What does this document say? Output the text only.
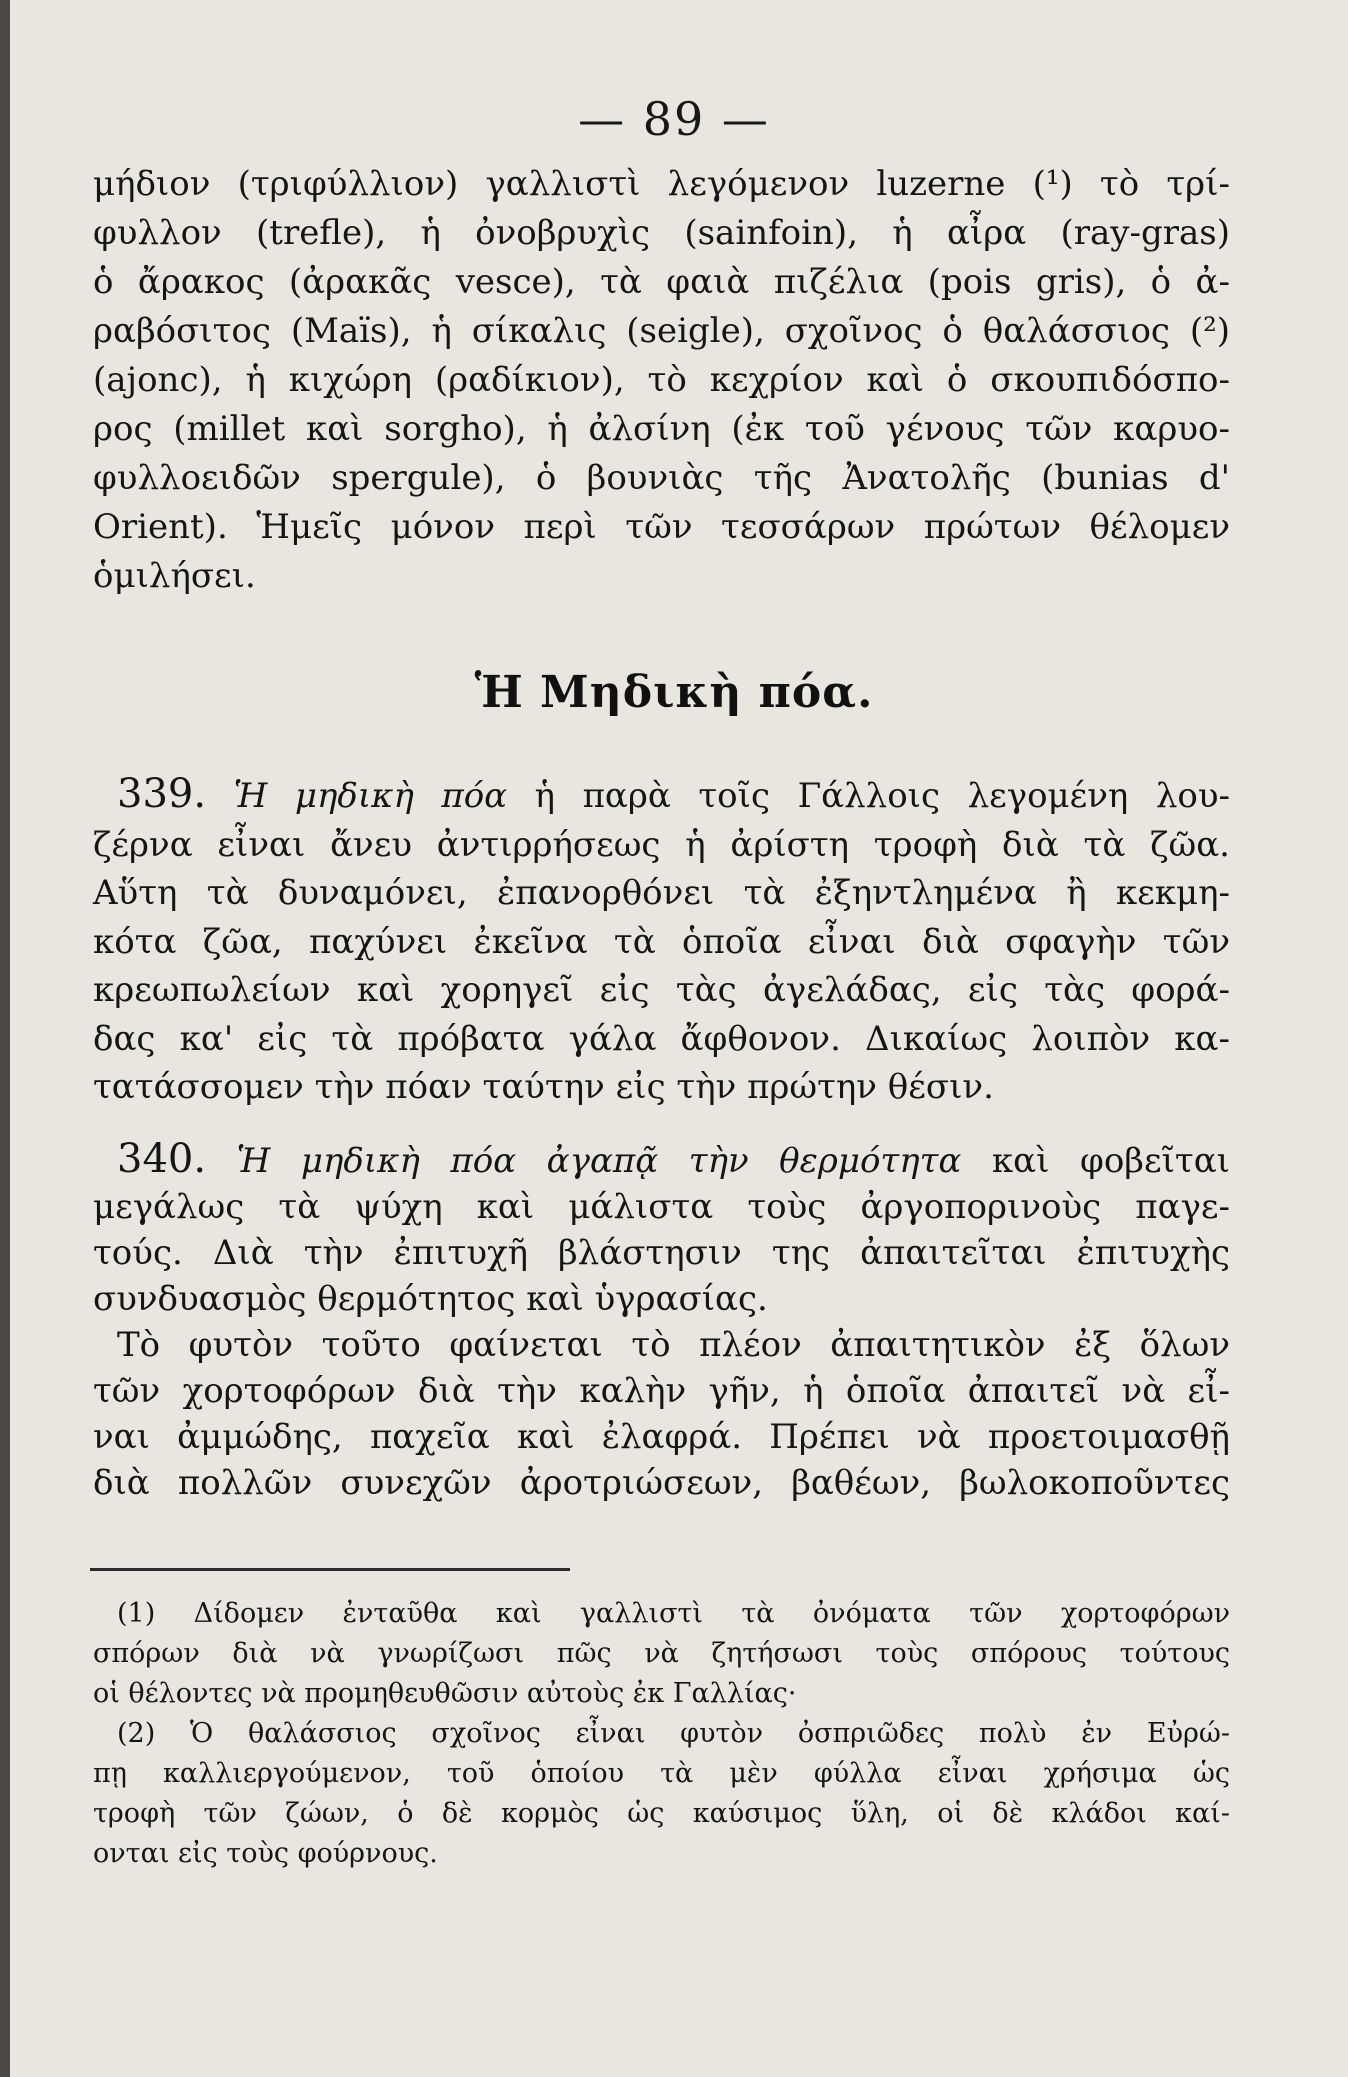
— 89 —
μήδιον (τριφύλλιον) γαλλιστὶ λεγόμενον luzerne (¹) τὸ τρί-
φυλλον (trefle), ἡ ὀνοβρυχὶς (sainfoin), ἡ αἶρα (ray-gras)
ὁ ἄρακος (ἀρακᾶς vesce), τὰ φαιὰ πιζέλια (pois gris), ὁ ἀ-
ραβόσιτος (Maïs), ἡ σίκαλις (seigle), σχοῖνος ὁ θαλάσσιος (²)
(ajonc), ἡ κιχώρη (ραδίκιον), τὸ κεχρίον καὶ ὁ σκουπιδόσπο-
ρος (millet καὶ sorgho), ἡ ἀλσίνη (ἐκ τοῦ γένους τῶν καρυο-
φυλλοειδῶν spergule), ὁ βουνιὰς τῆς Ἀνατολῆς (bunias d'
Orient). Ἡμεῖς μόνον περὶ τῶν τεσσάρων πρώτων θέλομεν
ὁμιλήσει.
Ἡ Μηδικὴ πόα.
339. Ἡ μηδικὴ πόα ἡ παρὰ τοῖς Γάλλοις λεγομένη λου-
ζέρνα εἶναι ἄνευ ἀντιρρήσεως ἡ ἀρίστη τροφὴ διὰ τὰ ζῶα.
Αὕτη τὰ δυναμόνει, ἐπανορθόνει τὰ ἐξηντλημένα ἢ κεκμη-
κότα ζῶα, παχύνει ἐκεῖνα τὰ ὁποῖα εἶναι διὰ σφαγὴν τῶν
κρεωπωλείων καὶ χορηγεῖ εἰς τὰς ἀγελάδας, εἰς τὰς φορά-
δας κα' εἰς τὰ πρόβατα γάλα ἄφθονον. Δικαίως λοιπὸν κα-
τατάσσομεν τὴν πόαν ταύτην εἰς τὴν πρώτην θέσιν.
340. Ἡ μηδικὴ πόα ἀγαπᾷ τὴν θερμότητα καὶ φοβεῖται
μεγάλως τὰ ψύχη καὶ μάλιστα τοὺς ἀργοπορινοὺς παγε-
τούς. Διὰ τὴν ἐπιτυχῆ βλάστησιν της ἀπαιτεῖται ἐπιτυχὴς
συνδυασμὸς θερμότητος καὶ ὑγρασίας.
Τὸ φυτὸν τοῦτο φαίνεται τὸ πλέον ἀπαιτητικὸν ἐξ ὅλων
τῶν χορτοφόρων διὰ τὴν καλὴν γῆν, ἡ ὁποῖα ἀπαιτεῖ νὰ εἶ-
ναι ἀμμώδης, παχεῖα καὶ ἐλαφρά. Πρέπει νὰ προετοιμασθῇ
διὰ πολλῶν συνεχῶν ἀροτριώσεων, βαθέων, βωλοκοποῦντες
(1) Δίδομεν ἐνταῦθα καὶ γαλλιστὶ τὰ ὀνόματα τῶν χορτοφόρων
σπόρων διὰ νὰ γνωρίζωσι πῶς νὰ ζητήσωσι τοὺς σπόρους τούτους
οἱ θέλοντες νὰ προμηθευθῶσιν αὐτοὺς ἐκ Γαλλίας·
(2) Ὁ θαλάσσιος σχοῖνος εἶναι φυτὸν ὀσπριῶδες πολὺ ἐν Εὐρώ-
πῃ καλλιεργούμενον, τοῦ ὁποίου τὰ μὲν φύλλα εἶναι χρήσιμα ὡς
τροφὴ τῶν ζώων, ὁ δὲ κορμὸς ὡς καύσιμος ὕλη, οἱ δὲ κλάδοι καί-
ονται εἰς τοὺς φούρνους.
